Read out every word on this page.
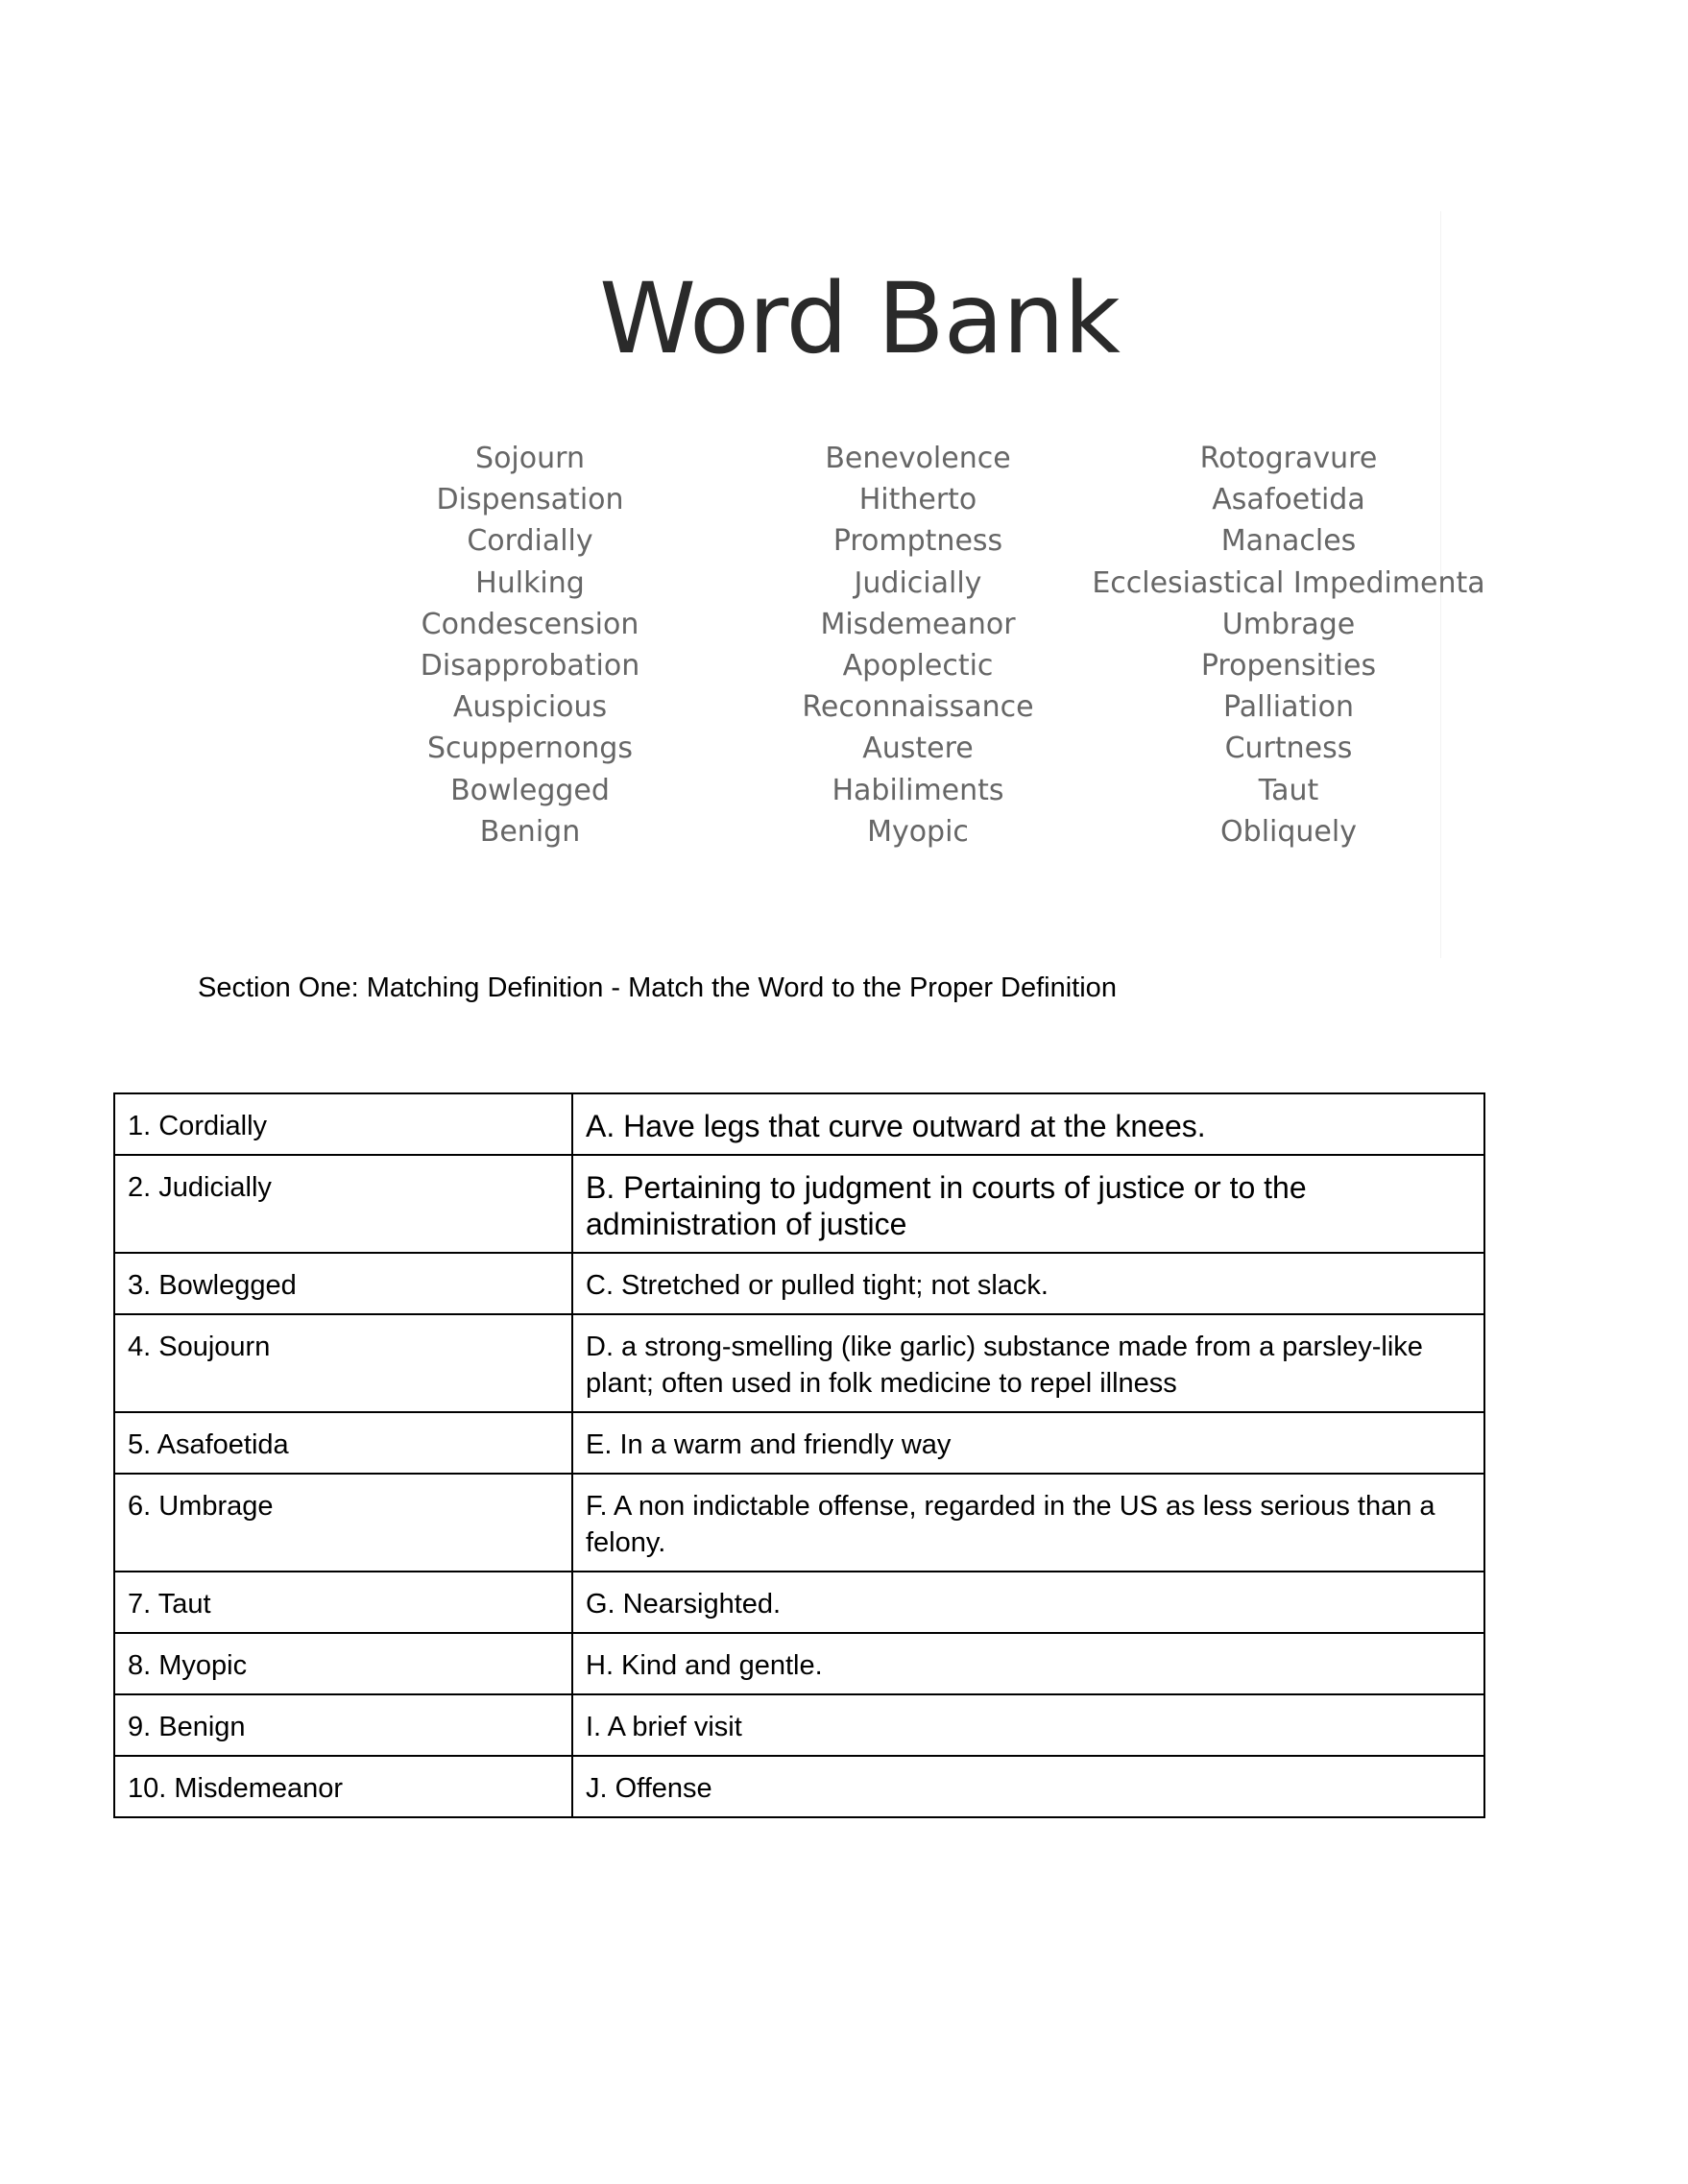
Word Bank
Sojourn
Dispensation
Cordially
Hulking
Condescension
Disapprobation
Auspicious
Scuppernongs
Bowlegged
Benign
Benevolence
Hitherto
Promptness
Judicially
Misdemeanor
Apoplectic
Reconnaissance
Austere
Habiliments
Myopic
Rotogravure
Asafoetida
Manacles
Ecclesiastical Impedimenta
Umbrage
Propensities
Palliation
Curtness
Taut
Obliquely
Section One: Matching Definition - Match the Word to the Proper Definition
1. Cordially	A. Have legs that curve outward at the knees.
2. Judicially	B. Pertaining to judgment in courts of justice or to the administration of justice
3. Bowlegged	C. Stretched or pulled tight; not slack.
4. Soujourn	D. a strong-smelling (like garlic) substance made from a parsley-like plant; often used in folk medicine to repel illness
5. Asafoetida	E. In a warm and friendly way
6. Umbrage	F. A non indictable offense, regarded in the US as less serious than a felony.
7. Taut	G. Nearsighted.
8. Myopic	H. Kind and gentle.
9. Benign	I. A brief visit
10. Misdemeanor	J. Offense
